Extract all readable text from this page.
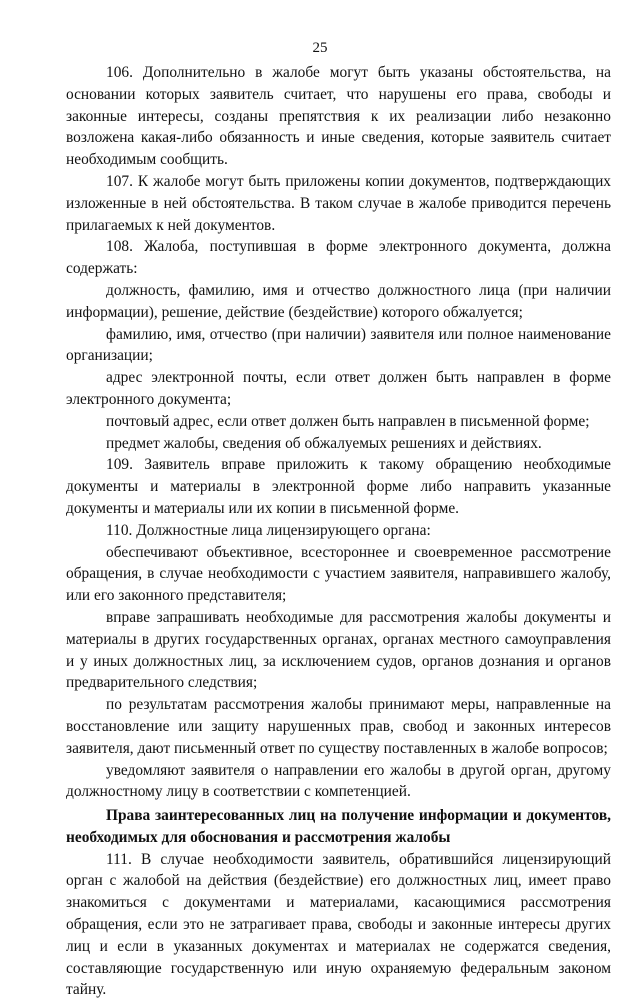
25

106. Дополнительно в жалобе могут быть указаны обстоятельства, на основании которых заявитель считает, что нарушены его права, свободы и законные интересы, созданы препятствия к их реализации либо незаконно возложена какая-либо обязанность и иные сведения, которые заявитель считает необходимым сообщить.

107. К жалобе могут быть приложены копии документов, подтверждающих изложенные в ней обстоятельства. В таком случае в жалобе приводится перечень прилагаемых к ней документов.

108. Жалоба, поступившая в форме электронного документа, должна содержать:

должность, фамилию, имя и отчество должностного лица (при наличии информации), решение, действие (бездействие) которого обжалуется;

фамилию, имя, отчество (при наличии) заявителя или полное наименование организации;

адрес электронной почты, если ответ должен быть направлен в форме электронного документа;

почтовый адрес, если ответ должен быть направлен в письменной форме;

предмет жалобы, сведения об обжалуемых решениях и действиях.

109. Заявитель вправе приложить к такому обращению необходимые документы и материалы в электронной форме либо направить указанные документы и материалы или их копии в письменной форме.

110. Должностные лица лицензирующего органа:

обеспечивают объективное, всестороннее и своевременное рассмотрение обращения, в случае необходимости с участием заявителя, направившего жалобу, или его законного представителя;

вправе запрашивать необходимые для рассмотрения жалобы документы и материалы в других государственных органах, органах местного самоуправления и у иных должностных лиц, за исключением судов, органов дознания и органов предварительного следствия;

по результатам рассмотрения жалобы принимают меры, направленные на восстановление или защиту нарушенных прав, свобод и законных интересов заявителя, дают письменный ответ по существу поставленных в жалобе вопросов;

уведомляют заявителя о направлении его жалобы в другой орган, другому должностному лицу в соответствии с компетенцией.

Права заинтересованных лиц на получение информации и документов, необходимых для обоснования и рассмотрения жалобы

111. В случае необходимости заявитель, обратившийся лицензирующий орган с жалобой на действия (бездействие) его должностных лиц, имеет право знакомиться с документами и материалами, касающимися рассмотрения обращения, если это не затрагивает права, свободы и законные интересы других лиц и если в указанных документах и материалах не содержатся сведения, составляющие государственную или иную охраняемую федеральным законом тайну.
